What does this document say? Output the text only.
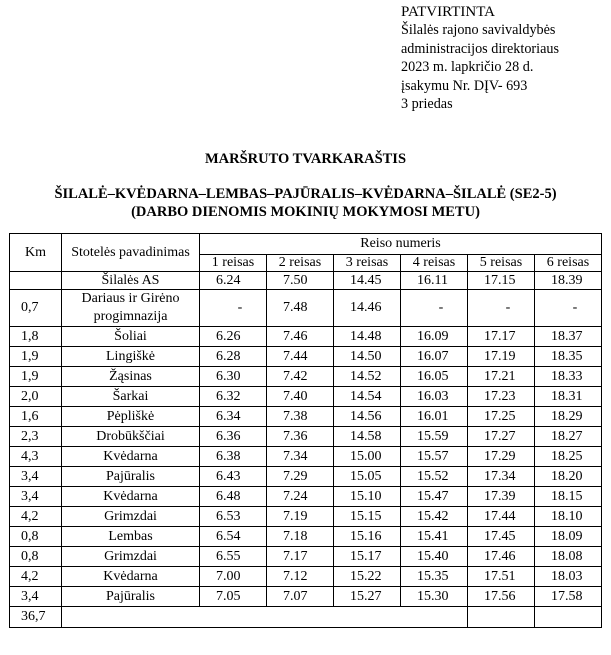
PATVIRTINTA
Šilalės rajono savivaldybės
administracijos direktoriaus
2023 m. lapkričio 28 d.
įsakymu Nr. DĮV- 693
3 priedas
MARŠRUTO TVARKARAŠTIS
ŠILALĖ–KVĖDARNA–LEMBAS–PAJŪRALIS–KVĖDARNA–ŠILALĖ (SE2-5)
(DARBO DIENOMIS MOKINIŲ MOKYMOSI METU)
Km	Stotelės pavadinimas	Reiso numeris					
		1 reisas	2 reisas	3 reisas	4 reisas	5 reisas	6 reisas
	Šilalės AS	6.24	7.50	14.45	16.11	17.15	18.39
0,7	Dariaus ir Girėno progimnazija	-	7.48	14.46	-	-	-
1,8	Šoliai	6.26	7.46	14.48	16.09	17.17	18.37
1,9	Lingiškė	6.28	7.44	14.50	16.07	17.19	18.35
1,9	Žąsinas	6.30	7.42	14.52	16.05	17.21	18.33
2,0	Šarkai	6.32	7.40	14.54	16.03	17.23	18.31
1,6	Pėpliškė	6.34	7.38	14.56	16.01	17.25	18.29
2,3	Drobūkščiai	6.36	7.36	14.58	15.59	17.27	18.27
4,3	Kvėdarna	6.38	7.34	15.00	15.57	17.29	18.25
3,4	Pajūralis	6.43	7.29	15.05	15.52	17.34	18.20
3,4	Kvėdarna	6.48	7.24	15.10	15.47	17.39	18.15
4,2	Grimzdai	6.53	7.19	15.15	15.42	17.44	18.10
0,8	Lembas	6.54	7.18	15.16	15.41	17.45	18.09
0,8	Grimzdai	6.55	7.17	15.17	15.40	17.46	18.08
4,2	Kvėdarna	7.00	7.12	15.22	15.35	17.51	18.03
3,4	Pajūralis	7.05	7.07	15.27	15.30	17.56	17.58
36,7							
